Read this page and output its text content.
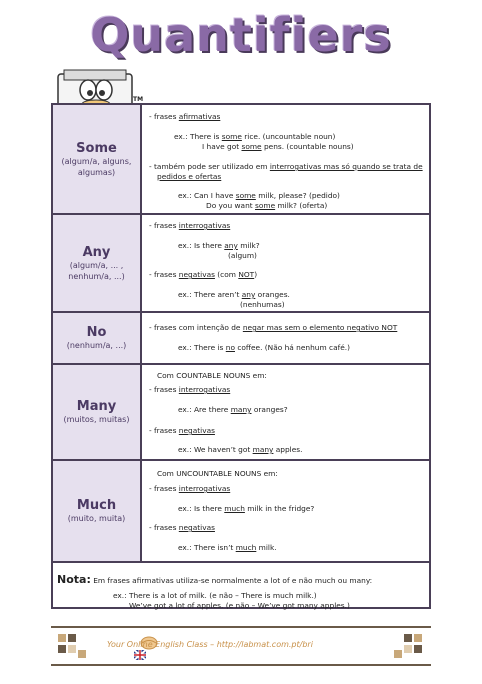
Quantifiers
TM
Some
(algum/a, alguns, algumas)
- frases afirmativas
ex.: There is some rice. (uncountable noun)
I have got some pens. (countable nouns)
- também pode ser utilizado em interrogativas mas só quando se trata de
pedidos e ofertas
ex.: Can I have some milk, please? (pedido)
Do you want some milk? (oferta)
Any
(algum/a, ... , nenhum/a, ...)
- frases interrogativas
ex.: Is there any milk?
(algum)
- frases negativas (com NOT)
ex.: There aren’t any oranges.
(nenhumas)
No
(nenhum/a, ...)
- frases com intenção de negar mas sem o elemento negativo NOT
ex.: There is no coffee. (Não há nenhum café.)
Many
(muitos, muitas)
Com COUNTABLE NOUNS em:
- frases interrogativas
ex.: Are there many oranges?
- frases negativas
ex.: We haven’t got many apples.
Much
(muito, muita)
Com UNCOUNTABLE NOUNS em:
- frases interrogativas
ex.: Is there much milk in the fridge?
- frases negativas
ex.: There isn’t much milk.
Nota: Em frases afirmativas utiliza-se normalmente a lot of e não much ou many:
ex.: There is a lot of milk. (e não – There is much milk.)
We’ve got a lot of apples. (e não – We’ve got many apples.)
Your Online English Class – http://labmat.com.pt/bri
